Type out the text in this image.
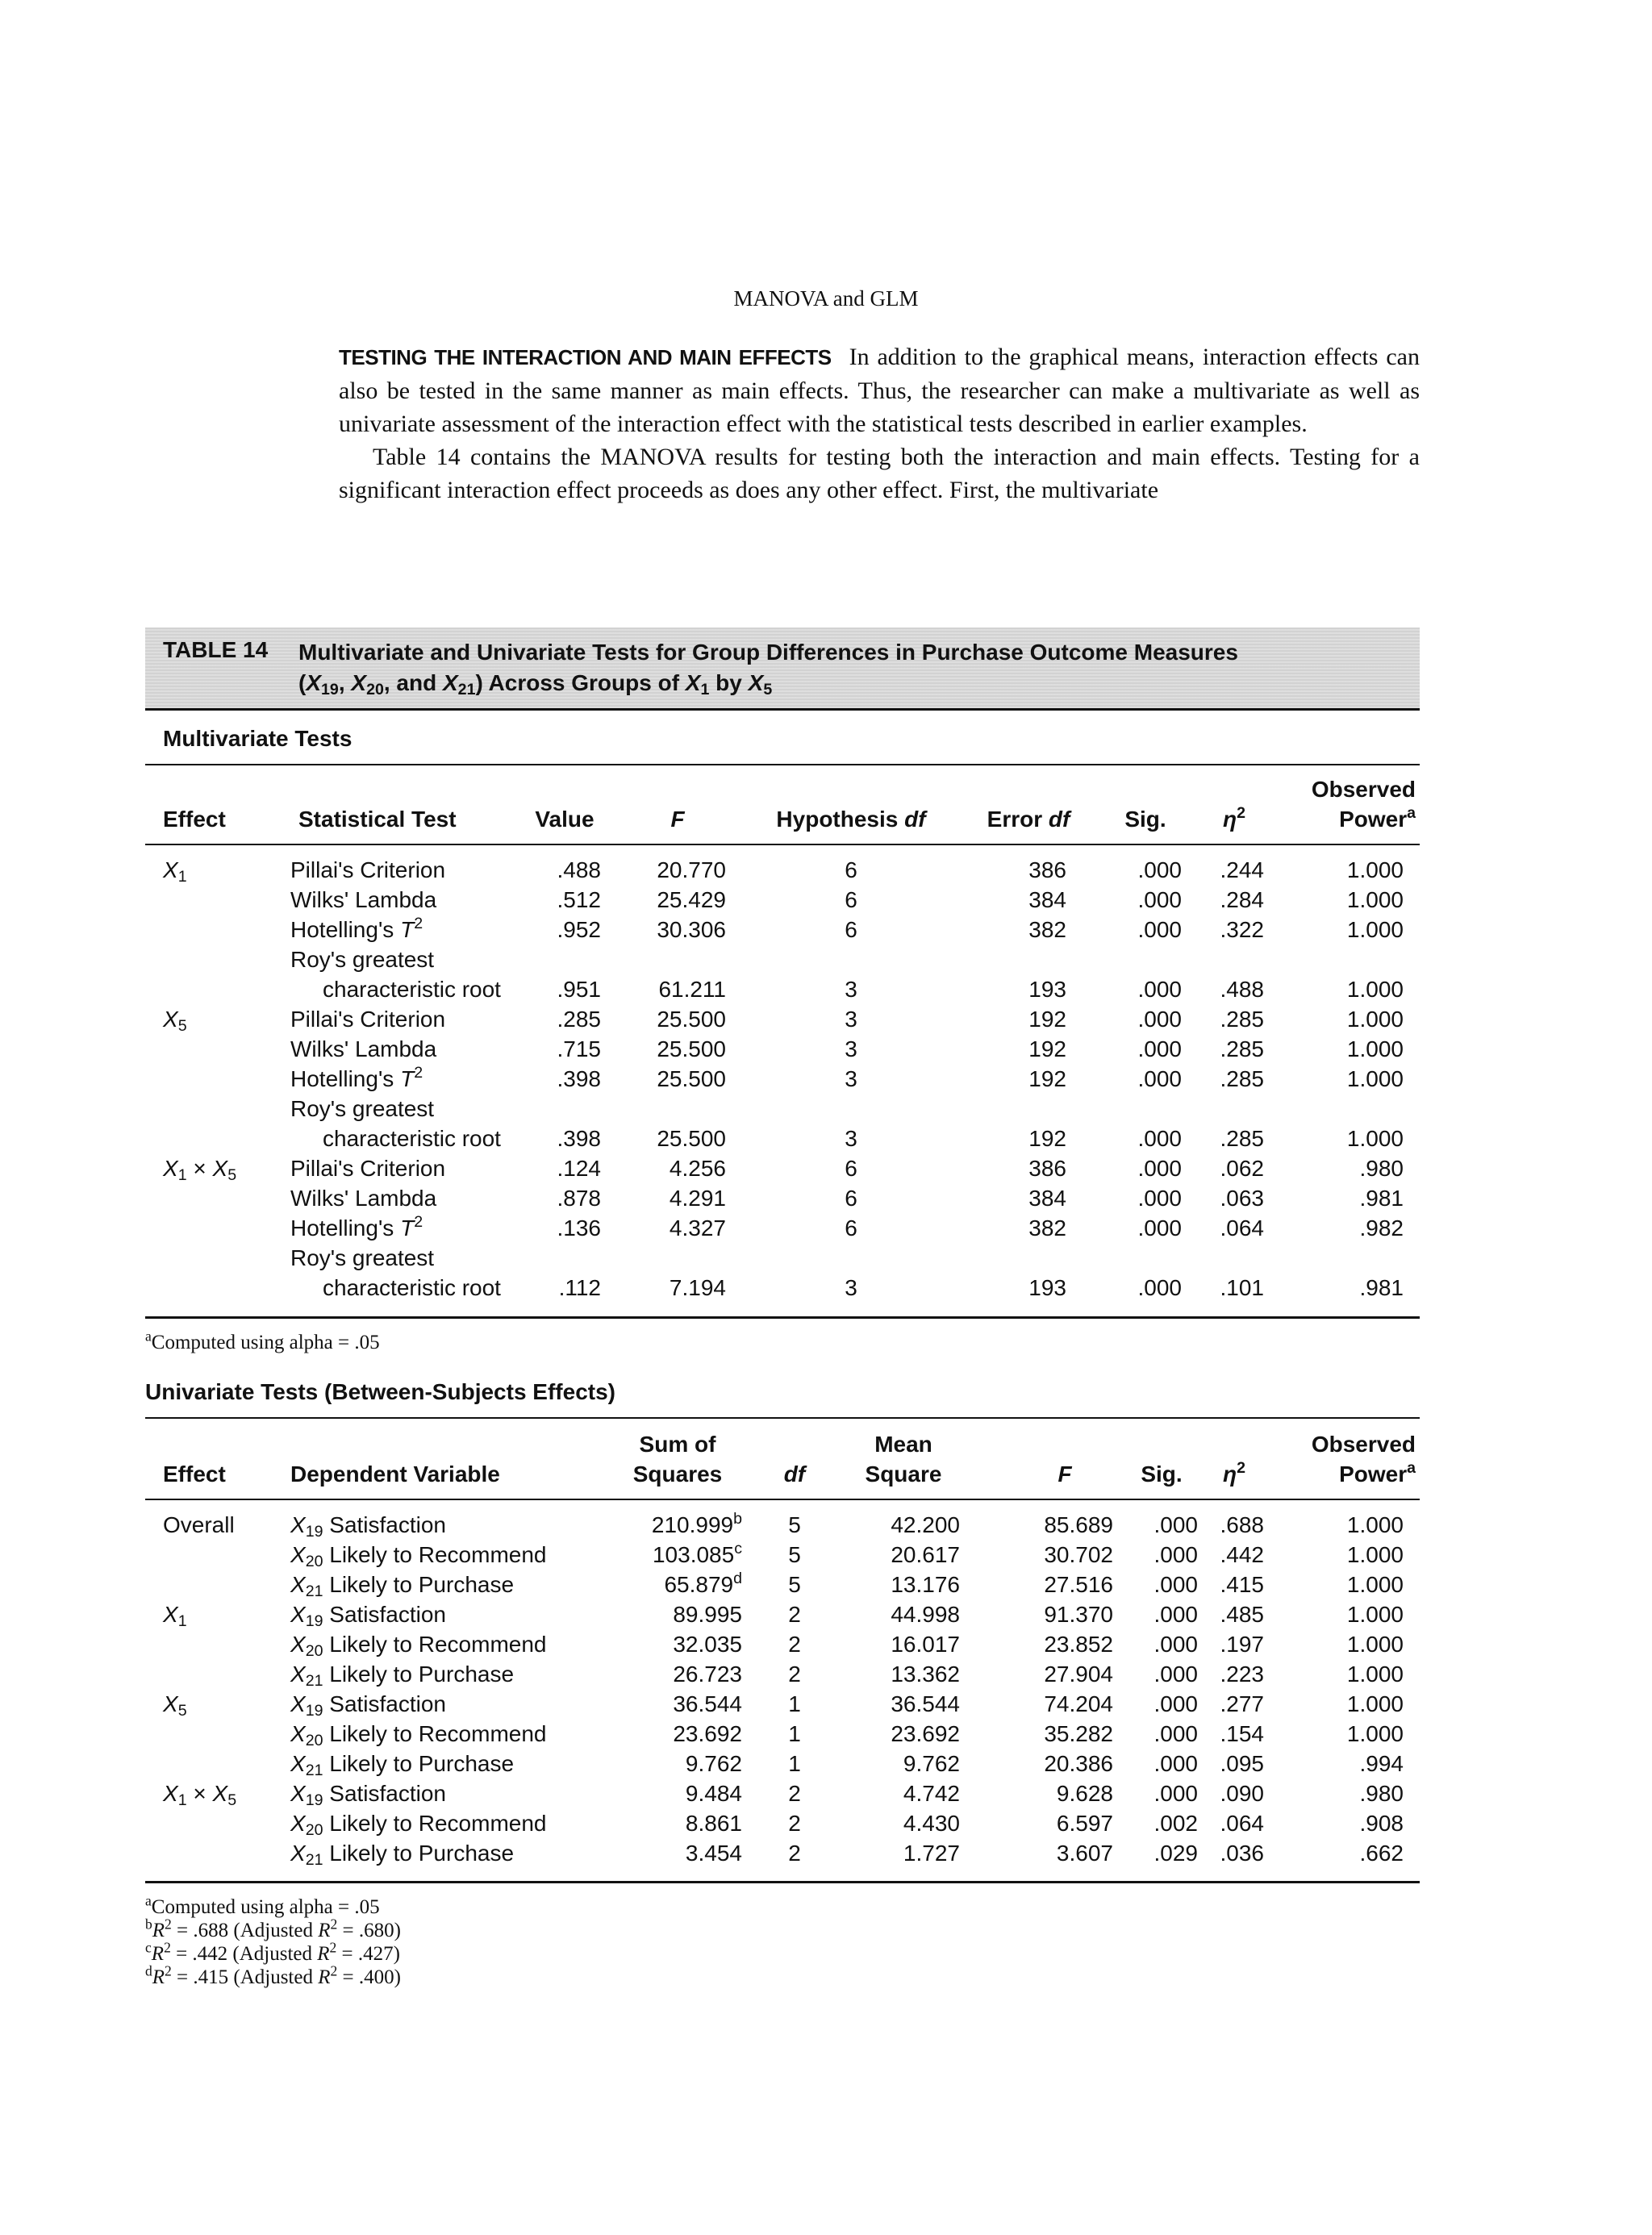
MANOVA and GLM

TESTING THE INTERACTION AND MAIN EFFECTS In addition to the graphical means, interaction effects can also be tested in the same manner as main effects. Thus, the researcher can make a multivariate as well as univariate assessment of the interaction effect with the statistical tests described in earlier examples.

Table 14 contains the MANOVA results for testing both the interaction and main effects. Testing for a significant interaction effect proceeds as does any other effect. First, the multivariate

TABLE 14 Multivariate and Univariate Tests for Group Differences in Purchase Outcome Measures
($X_{19}$, $X_{20}$, and $X_{21}$) Across Groups of $X_1$ by $X_5$
Multivariate Tests
Observed
Effect	Statistical Test	Value	F	Hypothesis df	Error df	Sig.	$\eta^2$	Power$^a$
$X_1$	Pillai's Criterion	.488	20.770	6	386	.000	.244	1.000
Wilks' Lambda	.512	25.429	6	384	.000	.284	1.000
Hotelling's $T^2$	.952	30.306	6	382	.000	.322	1.000
Roy's greatest
characteristic root	.951	61.211	3	193	.000	.488	1.000
$X_5$	Pillai's Criterion	.285	25.500	3	192	.000	.285	1.000
Wilks' Lambda	.715	25.500	3	192	.000	.285	1.000
Hotelling's $T^2$	.398	25.500	3	192	.000	.285	1.000
Roy's greatest
characteristic root	.398	25.500	3	192	.000	.285	1.000
$X_1 \times X_5$ Pillai's Criterion	.124	4.256	6	386	.000	.062	.980
Wilks' Lambda	.878	4.291	6	384	.000	.063	.981
Hotelling's $T^2$	.136	4.327	6	382	.000	.064	.982
Roy's greatest
characteristic root	.112	7.194	3	193	.000	.101	.981
$^a$Computed using alpha = .05
Univariate Tests (Between-Subjects Effects)
Sum of	Mean	Observed
Effect	Dependent Variable	Squares	df	Square	F	Sig.	$\eta^2$	Power$^a$
Overall $X_{19}$ Satisfaction	210.999$^b$	5	42.200	85.689	.000 .688	1.000
$X_{20}$ Likely to Recommend	103.085$^c$	5	20.617	30.702	.000 .442	1.000
$X_{21}$ Likely to Purchase	65.879$^d$	5	13.176	27.516	.000 .415	1.000
$X_1$	$X_{19}$ Satisfaction	89.995	2	44.998	91.370	.000 .485	1.000
$X_{20}$ Likely to Recommend	32.035	2	16.017	23.852	.000 .197	1.000
$X_{21}$ Likely to Purchase	26.723	2	13.362	27.904	.000 .223	1.000
$X_5$	$X_{19}$ Satisfaction	36.544	1	36.544	74.204	.000 .277	1.000
$X_{20}$ Likely to Recommend	23.692	1	23.692	35.282	.000 .154	1.000
$X_{21}$ Likely to Purchase	9.762	1	9.762	20.386	.000 .095	.994
$X_1 \times X_5$ $X_{19}$ Satisfaction	9.484	2	4.742	9.628	.000 .090	.980
$X_{20}$ Likely to Recommend	8.861	2	4.430	6.597	.002 .064	.908
$X_{21}$ Likely to Purchase	3.454	2	1.727	3.607	.029 .036	.662
$^a$Computed using alpha = .05
$^bR^2 = .688$ (Adjusted $R^2 = .680$)
$^cR^2 = .442$ (Adjusted $R^2 = .427$)
$^dR^2 = .415$ (Adjusted $R^2 = .400$)
